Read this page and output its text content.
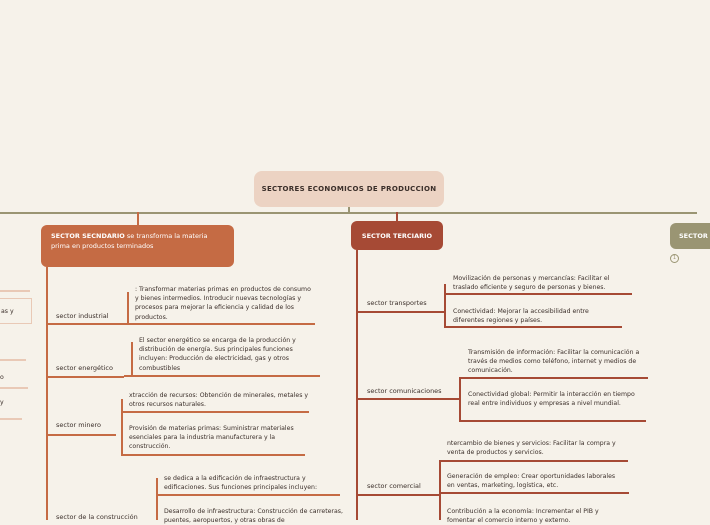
SECTORES ECONOMICOS DE PRODUCCION
SECTOR SECNDARIO se transforma la materia prima en productos terminados
sector industrial
: Transformar materias primas en productos de consumo y bienes intermedios. Introducir nuevas tecnologías y procesos para mejorar la eficiencia y calidad de los productos.
sector energético
El sector energético se encarga de la producción y distribución de energía. Sus principales funciones incluyen: Producción de electricidad, gas y otros combustibles
sector minero
xtracción de recursos: Obtención de minerales, metales y otros recursos naturales.
Provisión de materias primas: Suministrar materiales esenciales para la industria manufacturera y la construcción.
sector de la construcción
se dedica a la edificación de infraestructura y edificaciones. Sus funciones principales incluyen:
Desarrollo de infraestructura: Construcción de carreteras, puentes, aeropuertos, y otras obras de
SECTOR TERCIARIO
sector transportes
Movilización de personas y mercancías: Facilitar el traslado eficiente y seguro de personas y bienes.
Conectividad: Mejorar la accesibilidad entre diferentes regiones y países.
sector comunicaciones
Transmisión de información: Facilitar la comunicación a través de medios como teléfono, internet y medios de comunicación.
Conectividad global: Permitir la interacción en tiempo real entre individuos y empresas a nivel mundial.
sector comercial
ntercambio de bienes y servicios: Facilitar la compra y venta de productos y servicios.
Generación de empleo: Crear oportunidades laborales en ventas, marketing, logística, etc.
Contribución a la economía: Incrementar el PIB y fomentar el comercio interno y externo.
SECTOR
1
as y
o
y
